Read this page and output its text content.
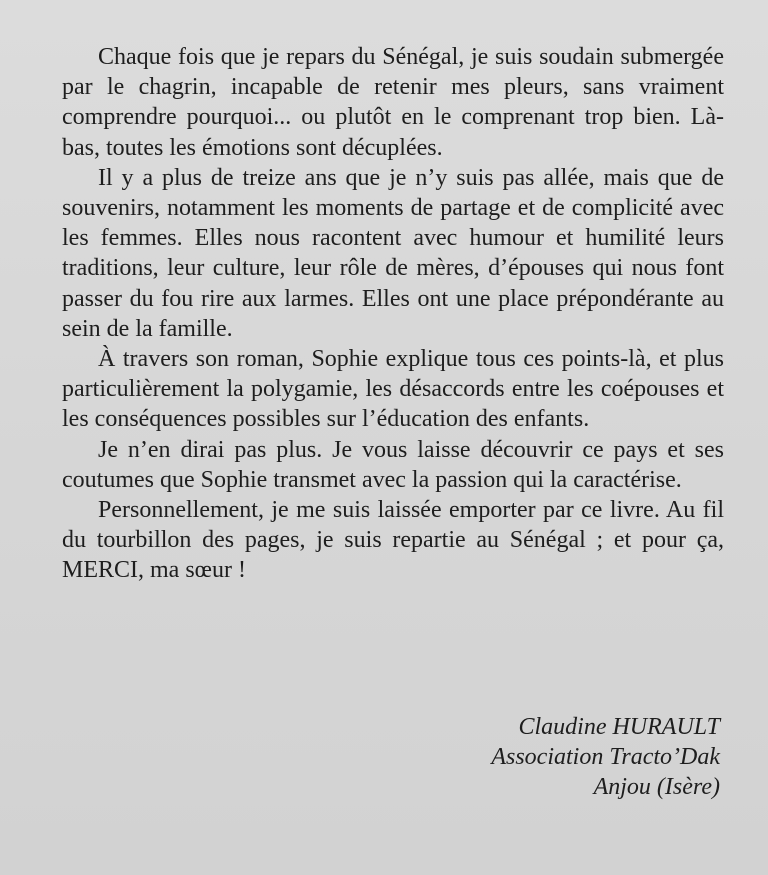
Chaque fois que je repars du Sénégal, je suis soudain submergée par le chagrin, incapable de retenir mes pleurs, sans vraiment comprendre pourquoi... ou plutôt en le comprenant trop bien. Là-bas, toutes les émotions sont décuplées.

Il y a plus de treize ans que je n’y suis pas allée, mais que de souvenirs, notamment les moments de partage et de complicité avec les femmes. Elles nous racontent avec humour et humilité leurs traditions, leur culture, leur rôle de mères, d’épouses qui nous font passer du fou rire aux larmes. Elles ont une place prépondérante au sein de la famille.

À travers son roman, Sophie explique tous ces points-là, et plus particulièrement la polygamie, les désaccords entre les coépouses et les conséquences possibles sur l’éducation des enfants.

Je n’en dirai pas plus. Je vous laisse découvrir ce pays et ses coutumes que Sophie transmet avec la passion qui la caractérise.

Personnellement, je me suis laissée emporter par ce livre. Au fil du tourbillon des pages, je suis repartie au Sénégal ; et pour ça, MERCI, ma sœur !

Claudine HURAULT
Association Tracto’Dak
Anjou (Isère)
